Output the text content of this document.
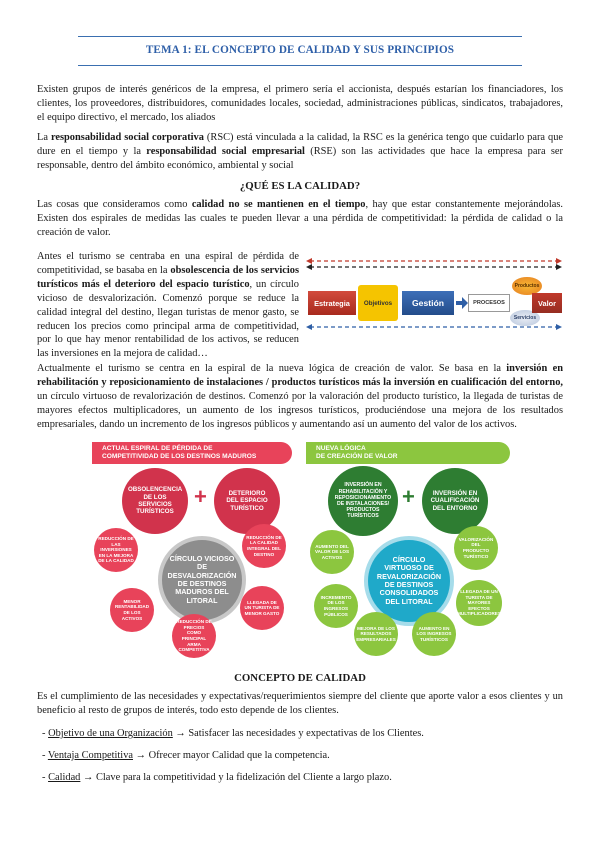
TEMA 1: EL CONCEPTO DE CALIDAD Y SUS PRINCIPIOS

Existen grupos de interés genéricos de la empresa, el primero sería el accionista, después estarían los financiadores, los clientes, los proveedores, distribuidores, comunidades locales, sociedad, administraciones públicas, sindicatos, trabajadores, el equipo directivo, el mercado, los aliados

La responsabilidad social corporativa (RSC) está vinculada a la calidad, la RSC es la genérica tengo que cuidarlo para que dure en el tiempo y la responsabilidad social empresarial (RSE) son las actividades que hace la empresa para ser responsable, dentro del ámbito económico, ambiental y social

¿QUÉ ES LA CALIDAD?

Las cosas que consideramos como calidad no se mantienen en el tiempo, hay que estar constantemente mejorándolas. Existen dos espirales de medidas las cuales te pueden llevar a una pérdida de competitividad: la pérdida de calidad o la creación de valor.

Antes el turismo se centraba en una espiral de pérdida de competitividad, se basaba en la obsolescencia de los servicios turísticos más el deterioro del espacio turístico, un círculo vicioso de desvalorización. Comenzó porque se reduce la calidad integral del destino, llegan turistas de menor gasto, se reducen los precios como principal arma de competitividad, por lo que hay menor rentabilidad de los activos, se reducen las inversiones en la mejora de calidad…

Estrategia	Objetivos	Gestión	PROCESOS
Productos
Servicios
Valor

Actualmente el turismo se centra en la espiral de la nueva lógica de creación de valor. Se basa en la inversión en rehabilitación y reposicionamiento de instalaciones / productos turísticos más la inversión en cualificación del entorno, un círculo virtuoso de revalorización de destinos. Comenzó por la valoración del producto turístico, la llegada de turistas de mayores efectos multiplicadores, un aumento de los ingresos turísticos, produciéndose una mejora de los resultados empresariales, dando un incremento de los ingresos públicos y aumentando así un aumento del valor de los activos.

ACTUAL ESPIRAL DE PÉRDIDA DE
COMPETITIVIDAD DE LOS DESTINOS MADUROS
NUEVA LÓGICA
DE CREACIÓN DE VALOR
OBSOLENCENCIA DE LOS SERVICIOS TURÍSTICOS
+	DETERIORO DEL ESPACIO TURÍSTICO
CÍRCULO VICIOSO DE DESVALORIZACIÓN DE DESTINOS MADUROS DEL LITORAL
REDUCCIÓN DE LAS INVERSIONES EN LA MEJORA DE LA CALIDAD
REDUCCIÓN DE LA CALIDAD INTEGRAL DEL DESTINO
MENOR RENTABILIDAD DE LOS ACTIVOS
LLEGADA DE UN TURISTA DE MENOR GASTO
REDUCCIÓN DE PRECIOS COMO PRINCIPAL ARMA COMPETITIVA
INVERSIÓN EN REHABILITACIÓN Y REPOSICIONAMIENTO DE INSTALACIONES/ PRODUCTOS TURÍSTICOS
+	INVERSIÓN EN CUALIFICACIÓN DEL ENTORNO
CÍRCULO VIRTUOSO DE REVALORIZACIÓN DE DESTINOS CONSOLIDADOS DEL LITORAL
AUMENTO DEL VALOR DE LOS ACTIVOS
VALORIZACIÓN DEL PRODUCTO TURÍSTICO
INCREMENTO DE LOS INGRESOS PÚBLICOS
LLEGADA DE UN TURISTA DE MAYORES EFECTOS MULTIPLICADORES
MEJORA DE LOS RESULTADOS EMPRESARIALES
AUMENTO EN LOS INGRESOS TURÍSTICOS
CONCEPTO DE CALIDAD

Es el cumplimiento de las necesidades y expectativas/requerimientos siempre del cliente que aporte valor a esos clientes y un beneficio al resto de grupos de interés, todo esto depende de los clientes.

- Objetivo de una Organización → Satisfacer las necesidades y expectativas de los Clientes.
- Ventaja Competitiva → Ofrecer mayor Calidad que la competencia.
- Calidad → Clave para la competitividad y la fidelización del Cliente a largo plazo.
